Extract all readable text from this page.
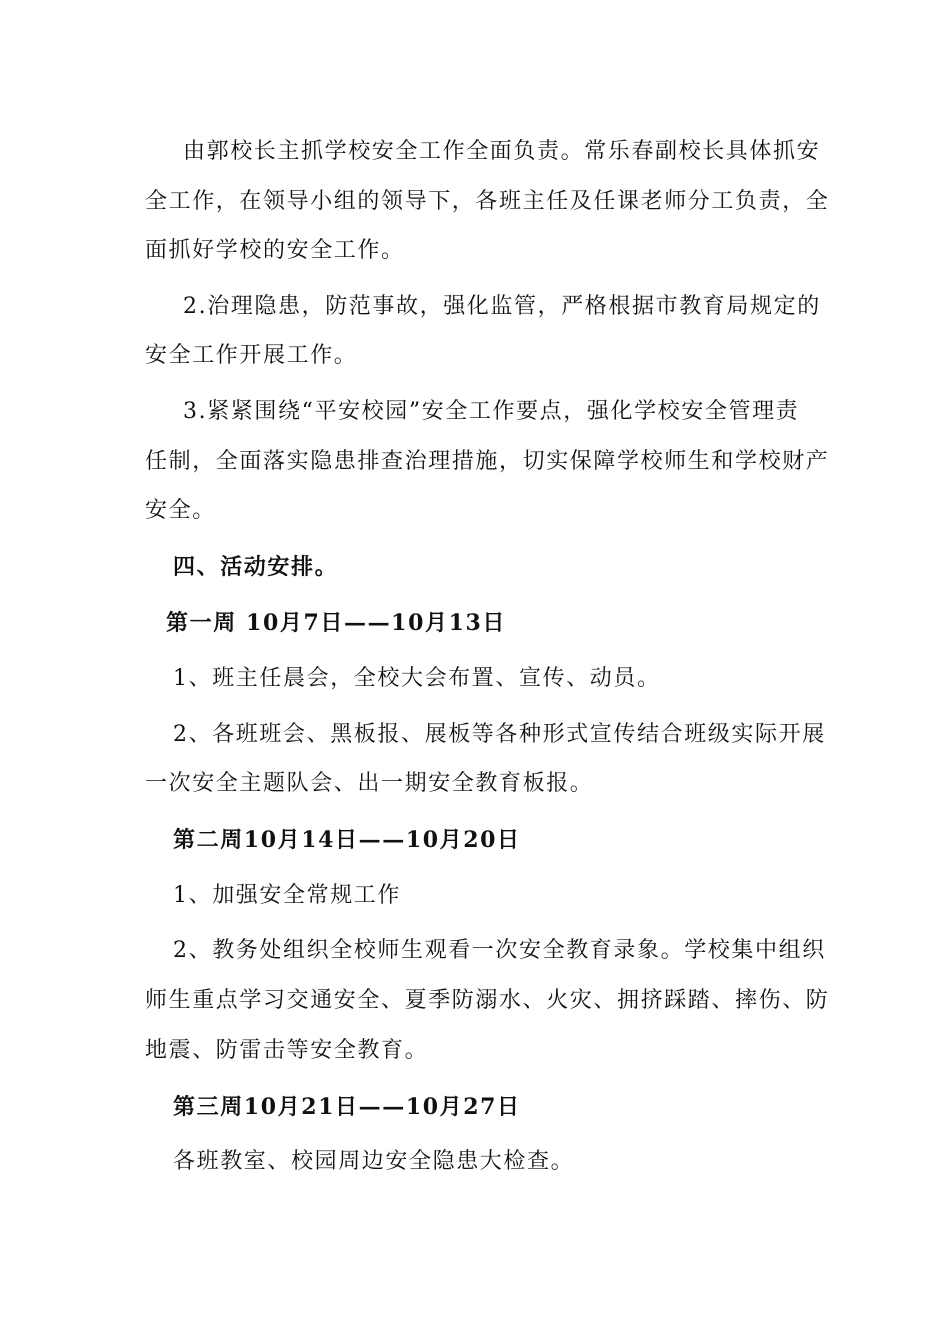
由郭校长主抓学校安全工作全面负责。常乐春副校长具体抓安
全工作，在领导小组的领导下，各班主任及任课老师分工负责，全
面抓好学校的安全工作。
2.治理隐患，防范事故，强化监管，严格根据市教育局规定的
安全工作开展工作。
3.紧紧围绕“平安校园”安全工作要点，强化学校安全管理责
任制，全面落实隐患排查治理措施，切实保障学校师生和学校财产
安全。
四、活动安排。
第一周 10月7日——10月13日
1、班主任晨会，全校大会布置、宣传、动员。
2、各班班会、黑板报、展板等各种形式宣传结合班级实际开展
一次安全主题队会、出一期安全教育板报。
第二周10月14日——10月20日
1、加强安全常规工作
2、教务处组织全校师生观看一次安全教育录象。学校集中组织
师生重点学习交通安全、夏季防溺水、火灾、拥挤踩踏、摔伤、防
地震、防雷击等安全教育。
第三周10月21日——10月27日
各班教室、校园周边安全隐患大检查。
